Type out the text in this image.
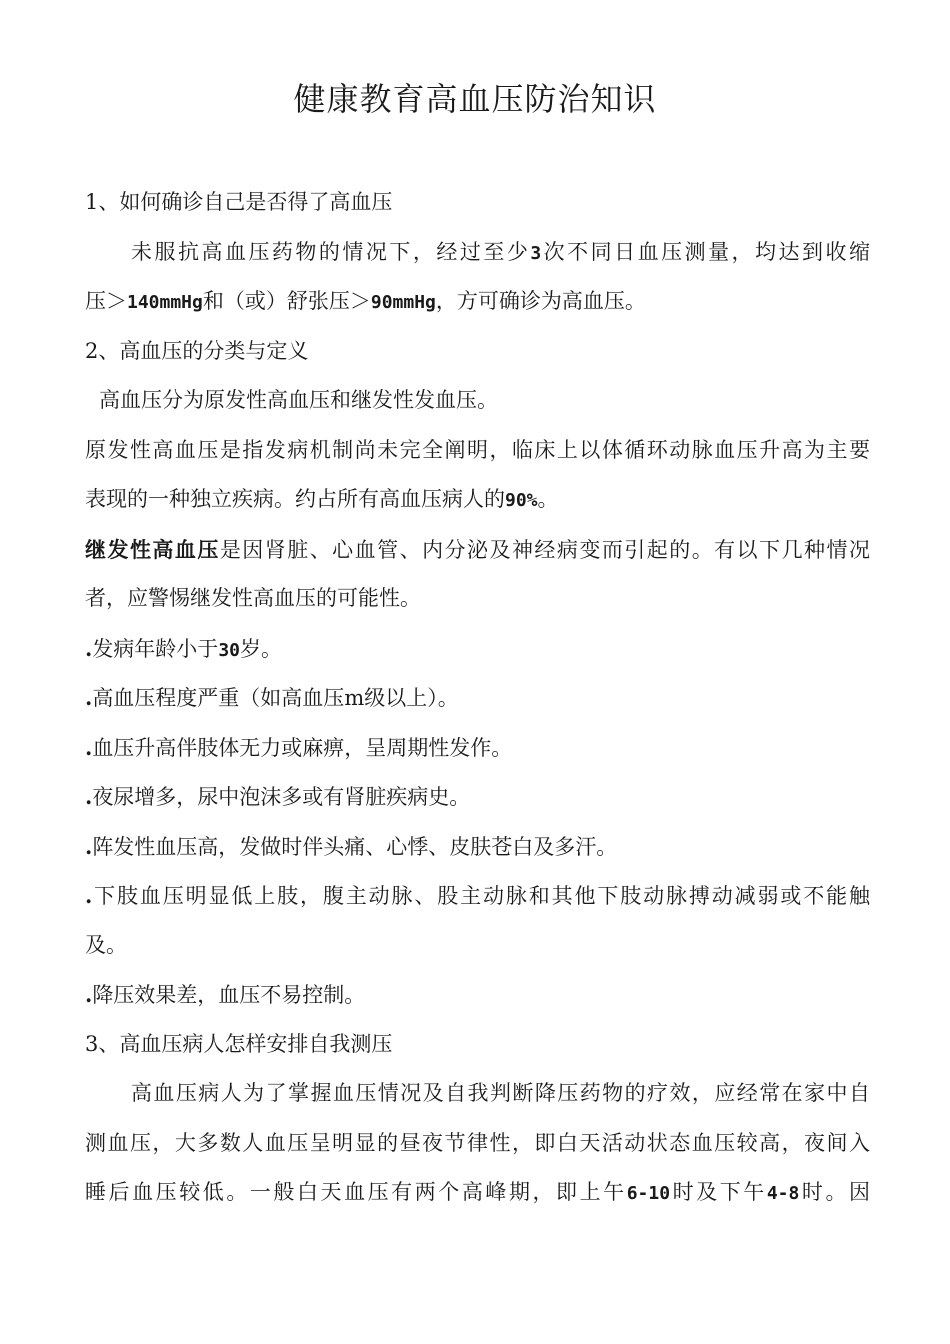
健康教育高血压防治知识

1、如何确诊自己是否得了高血压

未服抗高血压药物的情况下，经过至少3次不同日血压测量，均达到收缩

压＞140mmHg和（或）舒张压＞90mmHg，方可确诊为高血压。

2、高血压的分类与定义

高血压分为原发性高血压和继发性发血压。

原发性高血压是指发病机制尚未完全阐明，临床上以体循环动脉血压升高为主要

表现的一种独立疾病。约占所有高血压病人的90%。

继发性高血压是因肾脏、心血管、内分泌及神经病变而引起的。有以下几种情况

者，应警惕继发性高血压的可能性。

.发病年龄小于30岁。

.高血压程度严重（如高血压m级以上）。

.血压升高伴肢体无力或麻痹，呈周期性发作。

.夜尿增多，尿中泡沫多或有肾脏疾病史。

.阵发性血压高，发做时伴头痛、心悸、皮肤苍白及多汗。

.下肢血压明显低上肢，腹主动脉、股主动脉和其他下肢动脉搏动减弱或不能触

及。

.降压效果差，血压不易控制。

3、高血压病人怎样安排自我测压

高血压病人为了掌握血压情况及自我判断降压药物的疗效，应经常在家中自

测血压，大多数人血压呈明显的昼夜节律性，即白天活动状态血压较高，夜间入

睡后血压较低。一般白天血压有两个高峰期，即上午6-10时及下午4-8时。因
